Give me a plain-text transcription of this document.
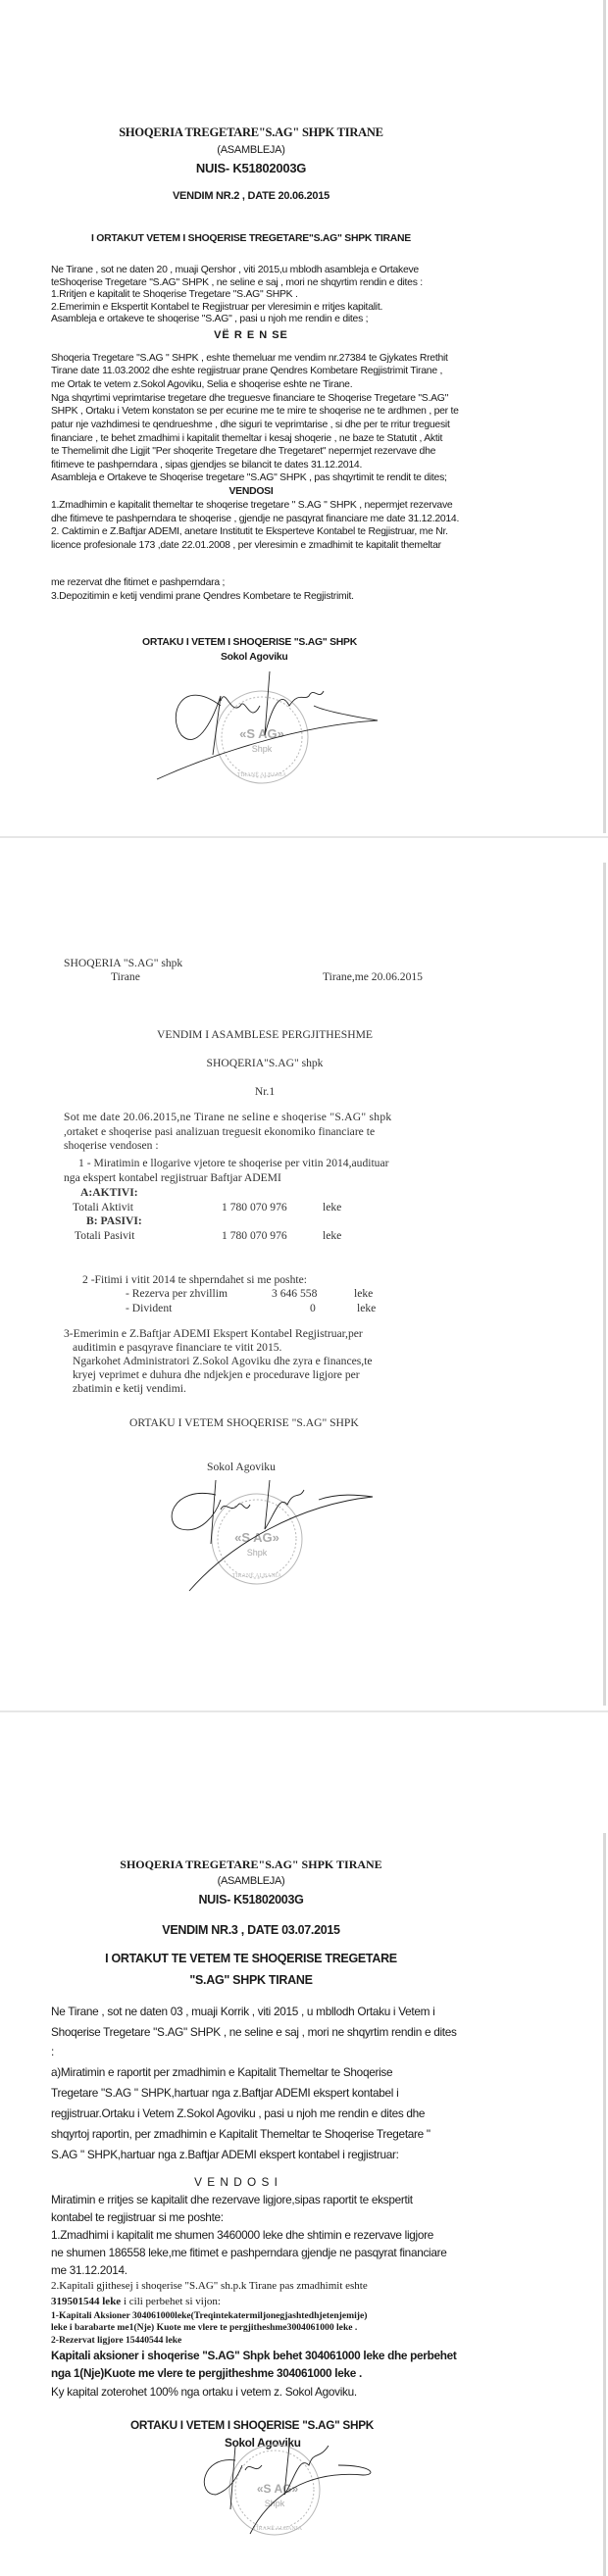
SHOQERIA TREGETARE"S.AG" SHPK TIRANE
(ASAMBLEJA)
NUIS- K51802003G
VENDIM NR.2 , DATE 20.06.2015
I ORTAKUT VETEM I SHOQERISE TREGETARE"S.AG" SHPK TIRANE
Ne Tirane , sot ne daten 20 , muaji Qershor , viti 2015,u mblodh asambleja e Ortakeve
teShoqerise Tregetare "S.AG" SHPK , ne seline e saj , mori ne shqyrtim rendin e dites :
1.Rritjen e kapitalit te Shoqerise Tregetare "S.AG" SHPK .
2.Emerimin e Ekspertit Kontabel te Regjistruar per vleresimin e rritjes kapitalit.
Asambleja e ortakeve te shoqerise "S.AG" , pasi u njoh me rendin e dites ;
VË R E N SE
Shoqeria Tregetare "S.AG " SHPK , eshte themeluar me vendim nr.27384 te Gjykates Rrethit
Tirane date 11.03.2002 dhe eshte regjistruar prane Qendres Kombetare Regjistrimit Tirane ,
me Ortak te vetem z.Sokol Agoviku, Selia e shoqerise eshte ne Tirane.
Nga shqyrtimi veprimtarise tregetare dhe treguesve financiare te Shoqerise Tregetare "S.AG"
SHPK , Ortaku i Vetem konstaton se per ecurine me te mire te shoqerise ne te ardhmen , per te
patur nje vazhdimesi te qendrueshme , dhe siguri te veprimtarise , si dhe per te rritur treguesit
financiare , te behet zmadhimi i kapitalit themeltar i kesaj shoqerie , ne baze te Statutit , Aktit
te Themelimit dhe Ligjit "Per shoqerite Tregetare dhe Tregetaret" nepermjet rezervave dhe
fitimeve te pashperndara , sipas gjendjes se bilancit te dates 31.12.2014.
Asambleja e Ortakeve te Shoqerise tregetare "S.AG" SHPK , pas shqyrtimit te rendit te dites;
VENDOSI
1.Zmadhimin e kapitalit themeltar te shoqerise tregetare " S.AG " SHPK , nepermjet rezervave
dhe fitimeve te pashperndara te shoqerise , gjendje ne pasqyrat financiare me date 31.12.2014.
2. Caktimin e Z.Baftjar ADEMI, anetare Institutit te Eksperteve Kontabel te Regjistruar, me Nr.
licence profesionale 173 ,date 22.01.2008 , per vleresimin e zmadhimit te kapitalit themeltar
me rezervat dhe fitimet e pashperndara ;
3.Depozitimin e ketij vendimi prane Qendres Kombetare te Regjistrimit.
ORTAKU I VETEM I SHOQERISE "S.AG" SHPK
Sokol Agoviku
«S AG»
Shpk
TIRANË ALBANIA
SHOQERIA "S.AG" shpk
Tirane	Tirane,me 20.06.2015
VENDIM I ASAMBLESE PERGJITHESHME
SHOQERIA"S.AG" shpk
Nr.1
Sot me date 20.06.2015,ne Tirane ne seline e shoqerise "S.AG" shpk
,ortaket e shoqerise pasi analizuan treguesit ekonomiko financiare te
shoqerise vendosen :
1 - Miratimin e llogarive vjetore te shoqerise per vitin 2014,audituar
nga ekspert kontabel regjistruar Baftjar ADEMI
A:AKTIVI:
Totali Aktivit	1 780 070 976	leke
B: PASIVI:
Totali Pasivit	1 780 070 976	leke
2 -Fitimi i vitit 2014 te shperndahet si me poshte:
- Rezerva per zhvillim	3 646 558	leke
- Divident	0	leke
3-Emerimin e Z.Baftjar ADEMI Ekspert Kontabel Regjistruar,per
auditimin e pasqyrave financiare te vitit 2015.
Ngarkohet Administratori Z.Sokol Agoviku dhe zyra e finances,te
kryej veprimet e duhura dhe ndjekjen e procedurave ligjore per
zbatimin e ketij vendimi.
ORTAKU I VETEM SHOQERISE "S.AG" SHPK
Sokol Agoviku
«S AG»
Shpk
TIRANË ALBANIA
SHOQERIA TREGETARE"S.AG" SHPK TIRANE
(ASAMBLEJA)
NUIS- K51802003G
VENDIM NR.3 , DATE 03.07.2015
I ORTAKUT TE VETEM TE SHOQERISE TREGETARE
"S.AG" SHPK TIRANE
Ne Tirane , sot ne daten 03 , muaji Korrik , viti 2015 , u mbllodh Ortaku i Vetem i
Shoqerise Tregetare "S.AG" SHPK , ne seline e saj , mori ne shqyrtim rendin e dites
:
a)Miratimin e raportit per zmadhimin e Kapitalit Themeltar te Shoqerise
Tregetare "S.AG " SHPK,hartuar nga z.Baftjar ADEMI ekspert kontabel i
regjistruar.Ortaku i Vetem Z.Sokol Agoviku , pasi u njoh me rendin e dites dhe
shqyrtoj raportin, per zmadhimin e Kapitalit Themeltar te Shoqerise Tregetare "
S.AG " SHPK,hartuar nga z.Baftjar ADEMI ekspert kontabel i regjistruar:
V E N D O S I
Miratimin e rritjes se kapitalit dhe rezervave ligjore,sipas raportit te ekspertit
kontabel te regjistruar si me poshte:
1.Zmadhimi i kapitalit me shumen 3460000 leke dhe shtimin e rezervave ligjore
ne shumen 186558 leke,me fitimet e pashperndara gjendje ne pasqyrat financiare
me 31.12.2014.
2.Kapitali gjithesej i shoqerise "S.AG" sh.p.k Tirane pas zmadhimit eshte
319501544 leke i cili perbehet si vijon:
1-Kapitali Aksioner 304061000leke(Treqintekatermiljonegjashtedhjetenjemije)
leke i barabarte me1(Nje) Kuote me vlere te pergjitheshme3004061000 leke .
2-Rezervat ligjore 15440544 leke
Kapitali aksioner i shoqerise "S.AG" Shpk behet 304061000 leke dhe perbehet
nga 1(Nje)Kuote me vlere te pergjitheshme 304061000 leke .
Ky kapital zoterohet 100% nga ortaku i vetem z. Sokol Agoviku.
ORTAKU I VETEM I SHOQERISE "S.AG" SHPK
Sokol Agoviku
«S AG»
Shpk
TIRANË ALBANIA
